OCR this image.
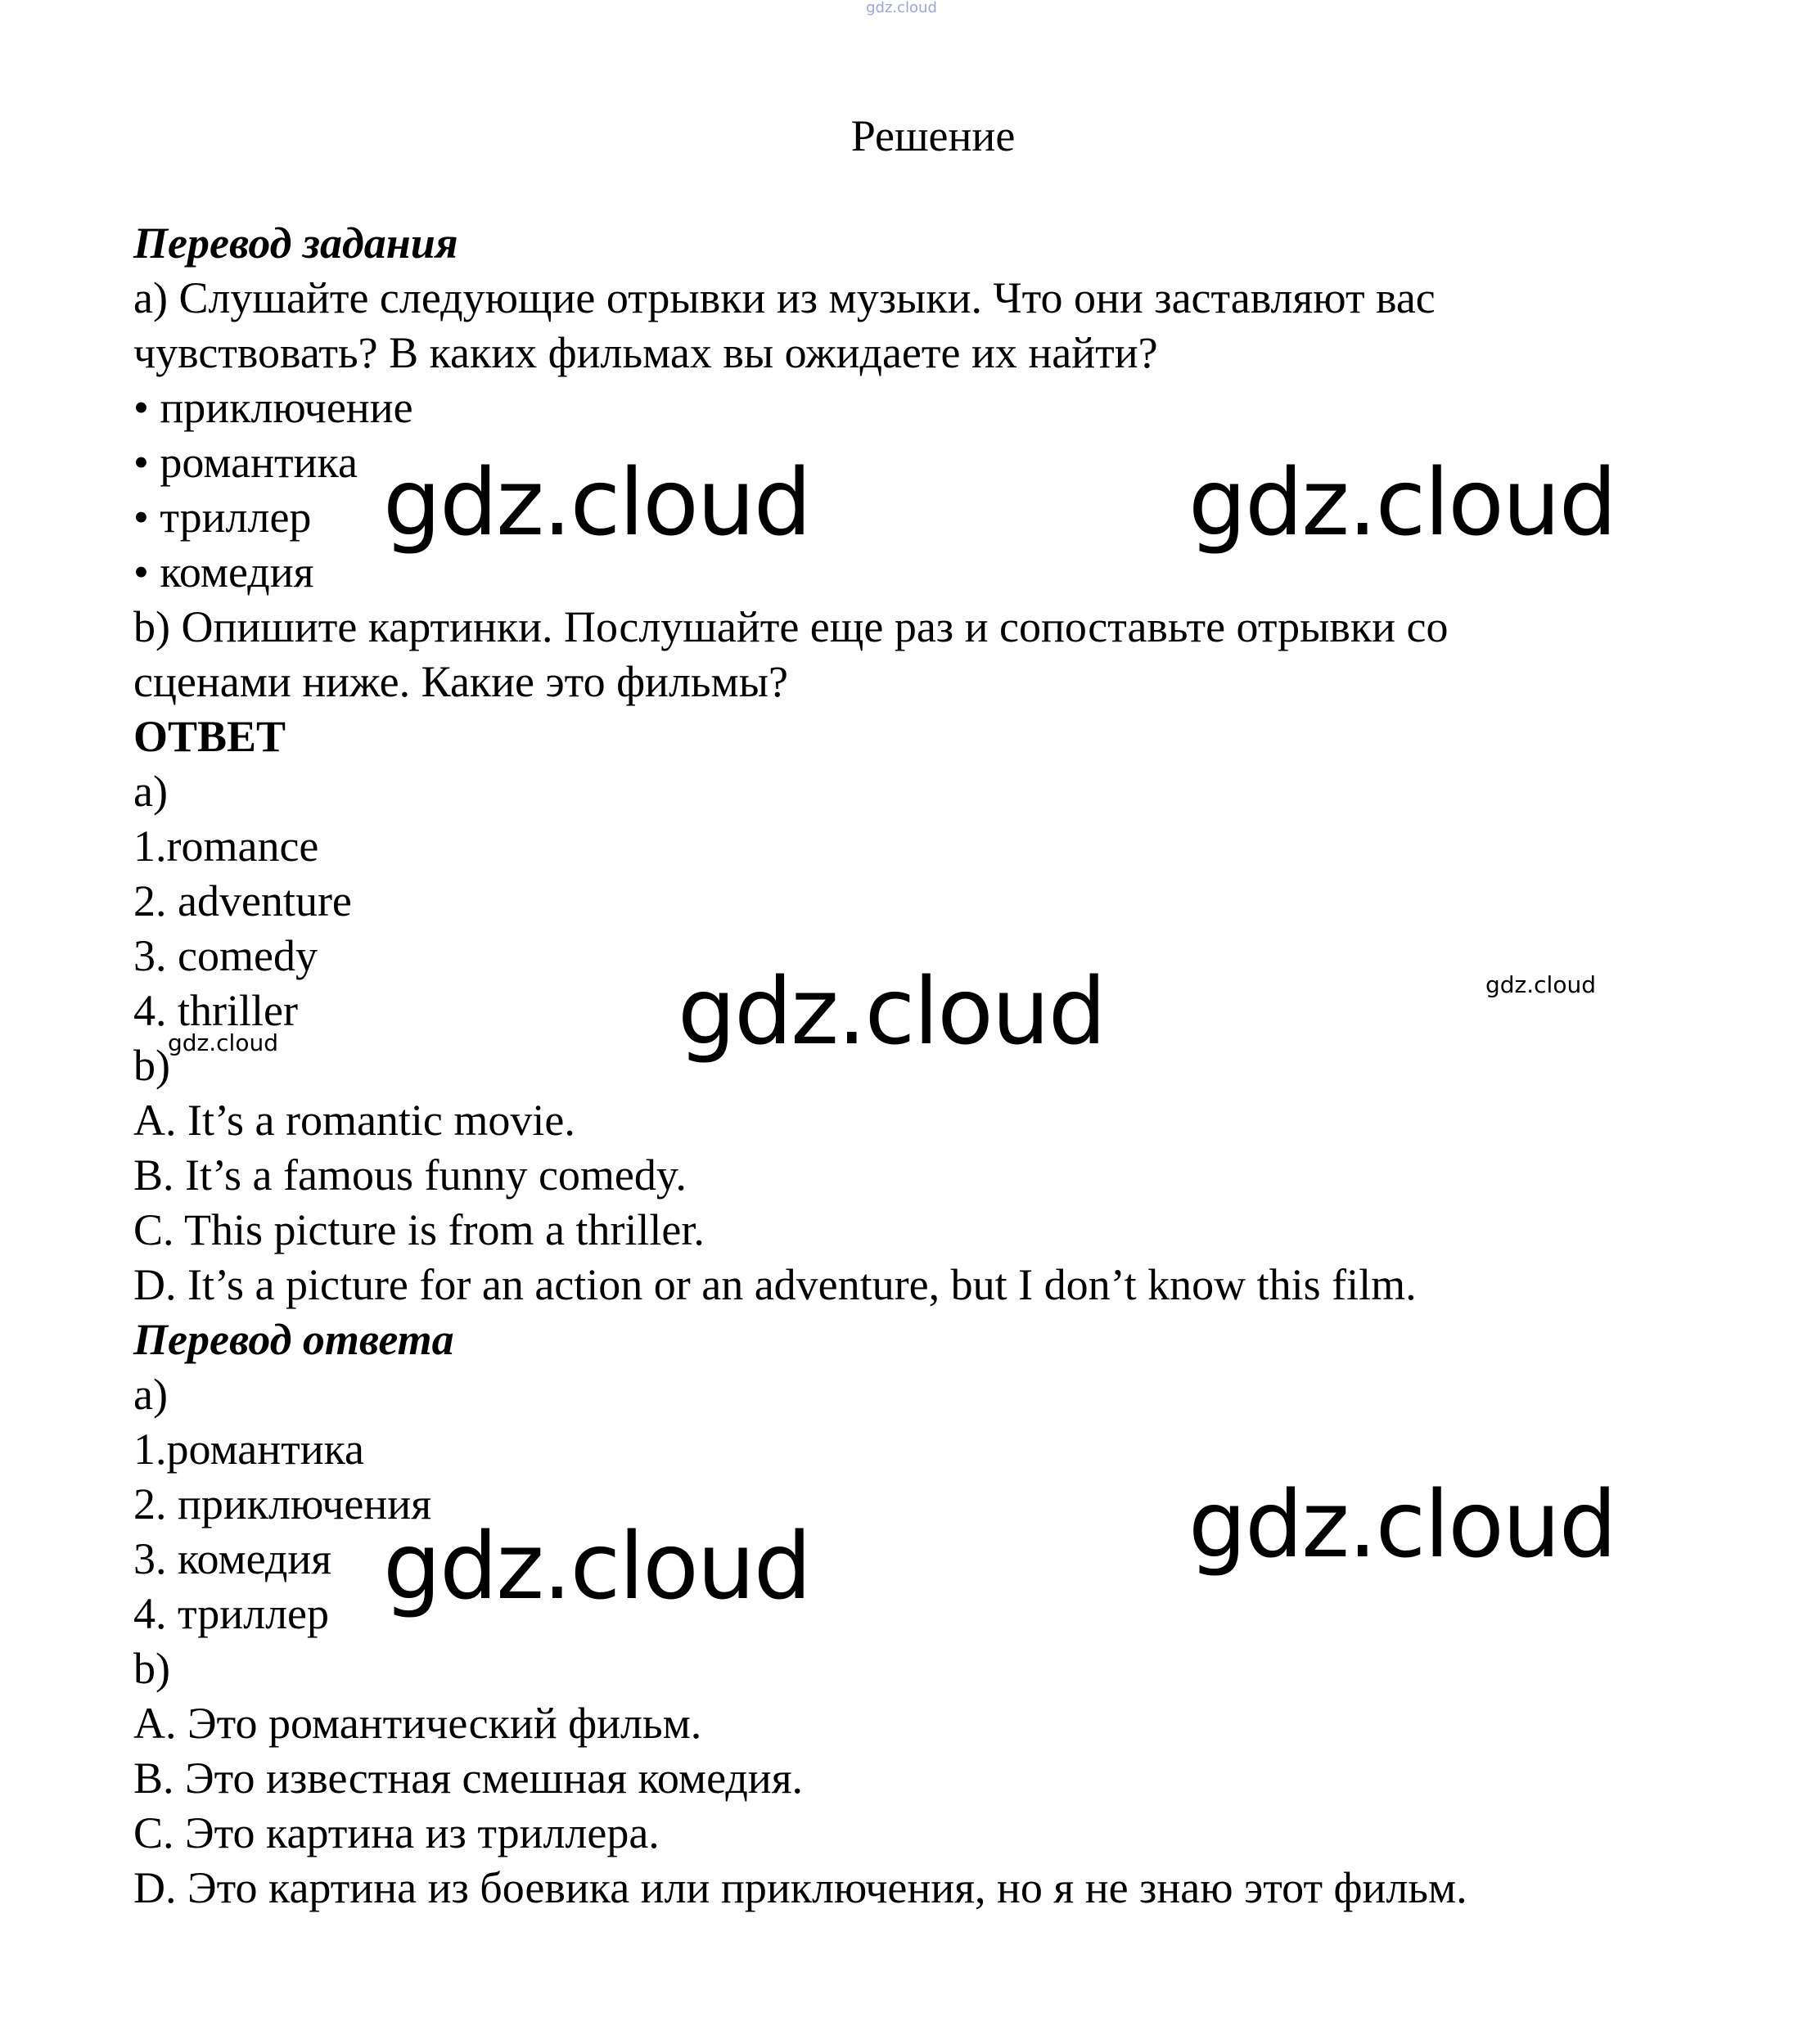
gdz.cloud
Решение
Перевод задания
а) Слушайте следующие отрывки из музыки. Что они заставляют вас
чувствовать? В каких фильмах вы ожидаете их найти?
• приключение
• романтика
• триллер
• комедия
b) Опишите картинки. Послушайте еще раз и сопоставьте отрывки со
сценами ниже. Какие это фильмы?
ОТВЕТ
a)
1.romance
2. adventure
3. comedy
4. thriller
b)
A. It’s a romantic movie.
B. It’s a famous funny comedy.
C. This picture is from a thriller.
D. It’s a picture for an action or an adventure, but I don’t know this film.
Перевод ответа
a)
1.романтика
2. приключения
3. комедия
4. триллер
b)
A. Это романтический фильм.
B. Это известная смешная комедия.
C. Это картина из триллера.
D. Это картина из боевика или приключения, но я не знаю этот фильм.
gdz.cloud	gdz.cloud
gdz.cloud	gdz.cloud
gdz.cloud
gdz.cloud
gdz.cloud
